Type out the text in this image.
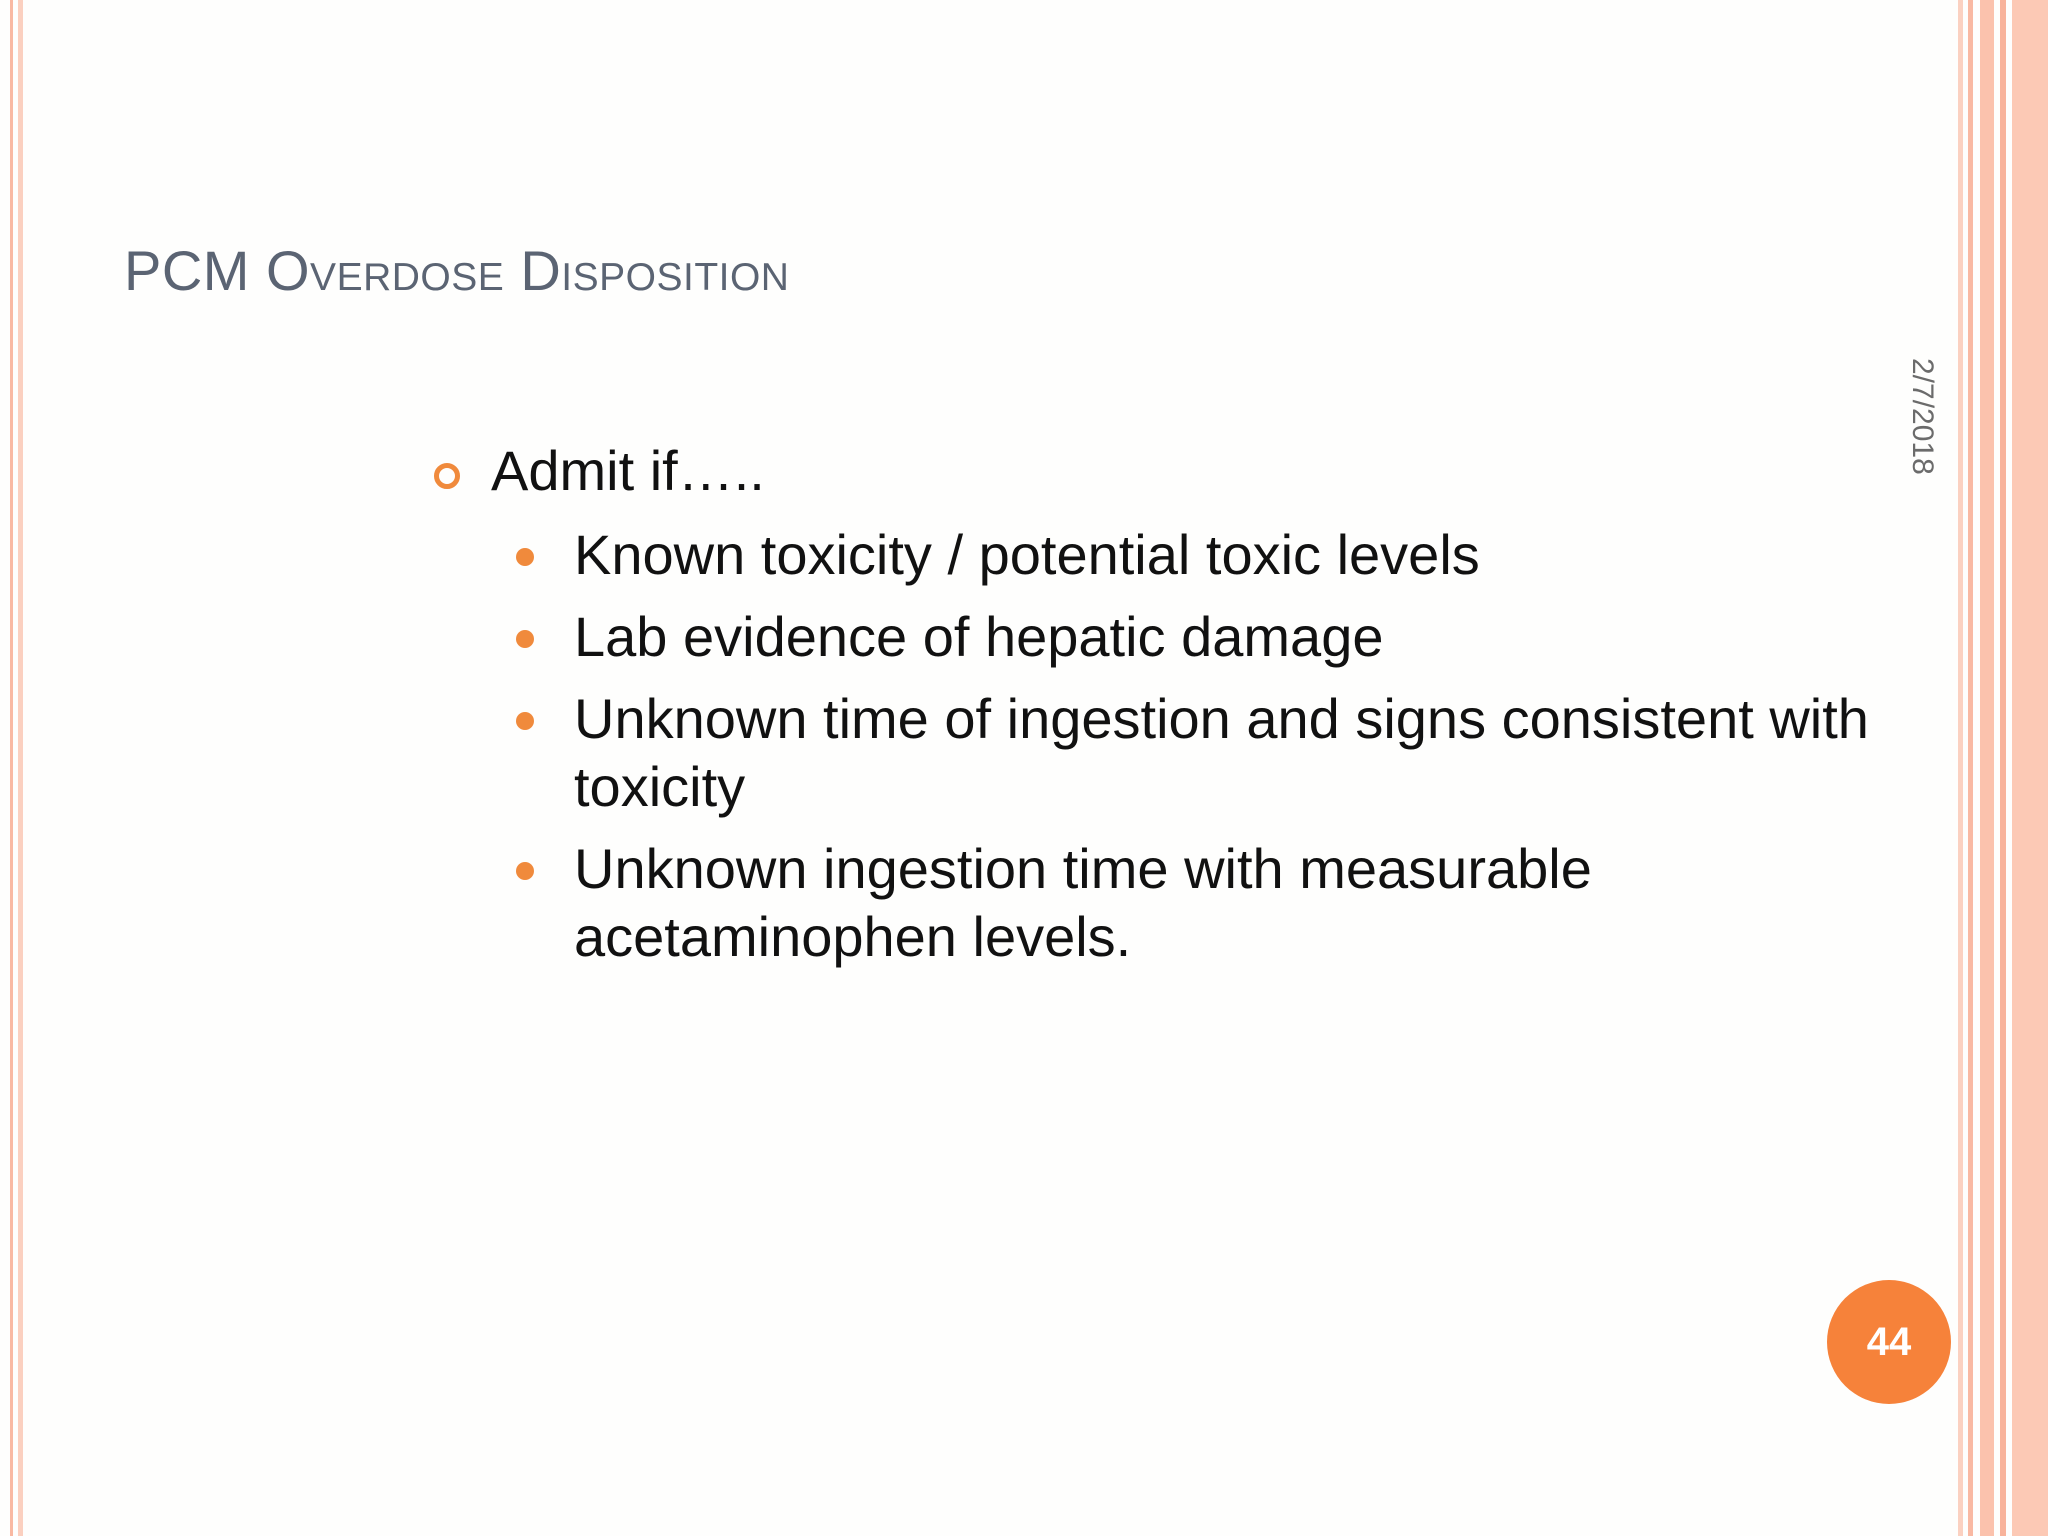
PCM Overdose Disposition
2/7/2018
Admit if…..
Known toxicity / potential toxic levels
Lab evidence of hepatic damage
Unknown time of ingestion and signs consistent with toxicity
Unknown ingestion time with measurable acetaminophen levels.
44
